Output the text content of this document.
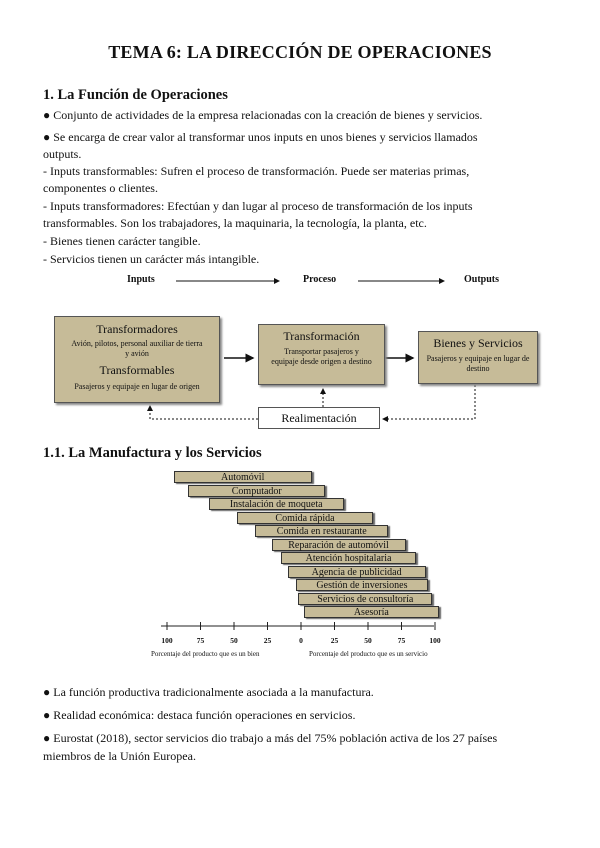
TEMA 6: LA DIRECCIÓN DE OPERACIONES
1. La Función de Operaciones
● Conjunto de actividades de la empresa relacionadas con la creación de bienes y servicios.
● Se encarga de crear valor al transformar unos inputs en unos bienes y servicios llamados
outputs.
- Inputs transformables: Sufren el proceso de transformación. Puede ser materias primas,
componentes o clientes.
- Inputs transformadores: Efectúan y dan lugar al proceso de transformación de los inputs
transformables. Son los trabajadores, la maquinaria, la tecnología, la planta, etc.
- Bienes tienen carácter tangible.
- Servicios tienen un carácter más intangible.
Inputs	Proceso	Outputs
Transformadores
Avión, pilotos, personal auxiliar de tierra y avión
Transformables
Pasajeros y equipaje en lugar de origen
Transformación
Transportar pasajeros y equipaje desde origen a destino
Bienes y Servicios
Pasajeros y equipaje en lugar de destino
Realimentación
1.1. La Manufactura y los Servicios
Porcentaje del producto que es un bien	Porcentaje del producto que es un servicio
Automóvil
Computador
Instalación de moqueta
Comida rápida
Comida en restaurante
Reparación de automóvil
Atención hospitalaria
Agencia de publicidad
Gestión de inversiones
Servicios de consultoría
Asesoría
100	75	50	25	0	25	50	75	100
● La función productiva tradicionalmente asociada a la manufactura.
● Realidad económica: destaca función operaciones en servicios.
● Eurostat (2018), sector servicios dio trabajo a más del 75% población activa de los 27 países
miembros de la Unión Europea.
